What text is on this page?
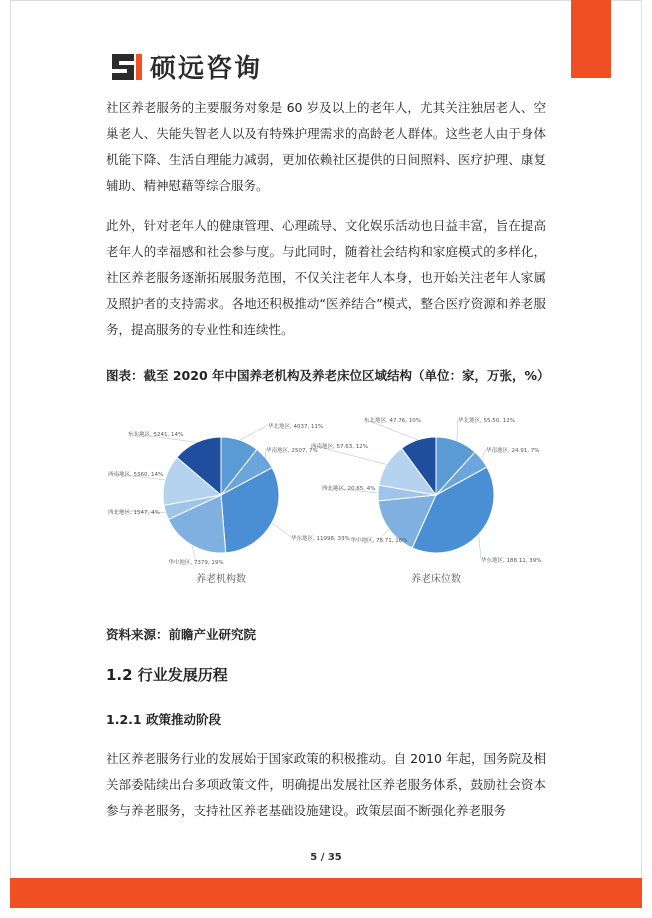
硕远咨询

社区养老服务的主要服务对象是 60 岁及以上的老年人，尤其关注独居老人、空巢老人、失能失智老人以及有特殊护理需求的高龄老人群体。这些老人由于身体机能下降、生活自理能力减弱，更加依赖社区提供的日间照料、医疗护理、康复辅助、精神慰藉等综合服务。

此外，针对老年人的健康管理、心理疏导、文化娱乐活动也日益丰富，旨在提高老年人的幸福感和社会参与度。与此同时，随着社会结构和家庭模式的多样化，社区养老服务逐渐拓展服务范围，不仅关注老年人本身，也开始关注老年人家属及照护者的支持需求。各地还积极推动“医养结合”模式，整合医疗资源和养老服务，提高服务的专业性和连续性。

图表：截至 2020 年中国养老机构及养老床位区域结构（单位：家，万张，%）

华北地区, 4037, 11%
华南地区, 2507, 7%
华东地区, 11998, 33%
华中地区, 7379, 19%
西北地区, 1547, 4%
西南地区, 5360, 14%
东北地区, 5241, 14%
养老机构数
华北地区, 55.50, 12%
华南地区, 24.91, 7%
华东地区, 188.11, 39%
华中地区, 78.71, 16%
西北地区, 20.65, 4%
西南地区, 57.63, 12%
东北地区, 47.76, 10%
养老床位数

资料来源：前瞻产业研究院

1.2 行业发展历程
1.2.1 政策推动阶段

社区养老服务行业的发展始于国家政策的积极推动。自 2010 年起，国务院及相关部委陆续出台多项政策文件，明确提出发展社区养老服务体系，鼓励社会资本参与养老服务，支持社区养老基础设施建设。政策层面不断强化养老服务

5 / 35
